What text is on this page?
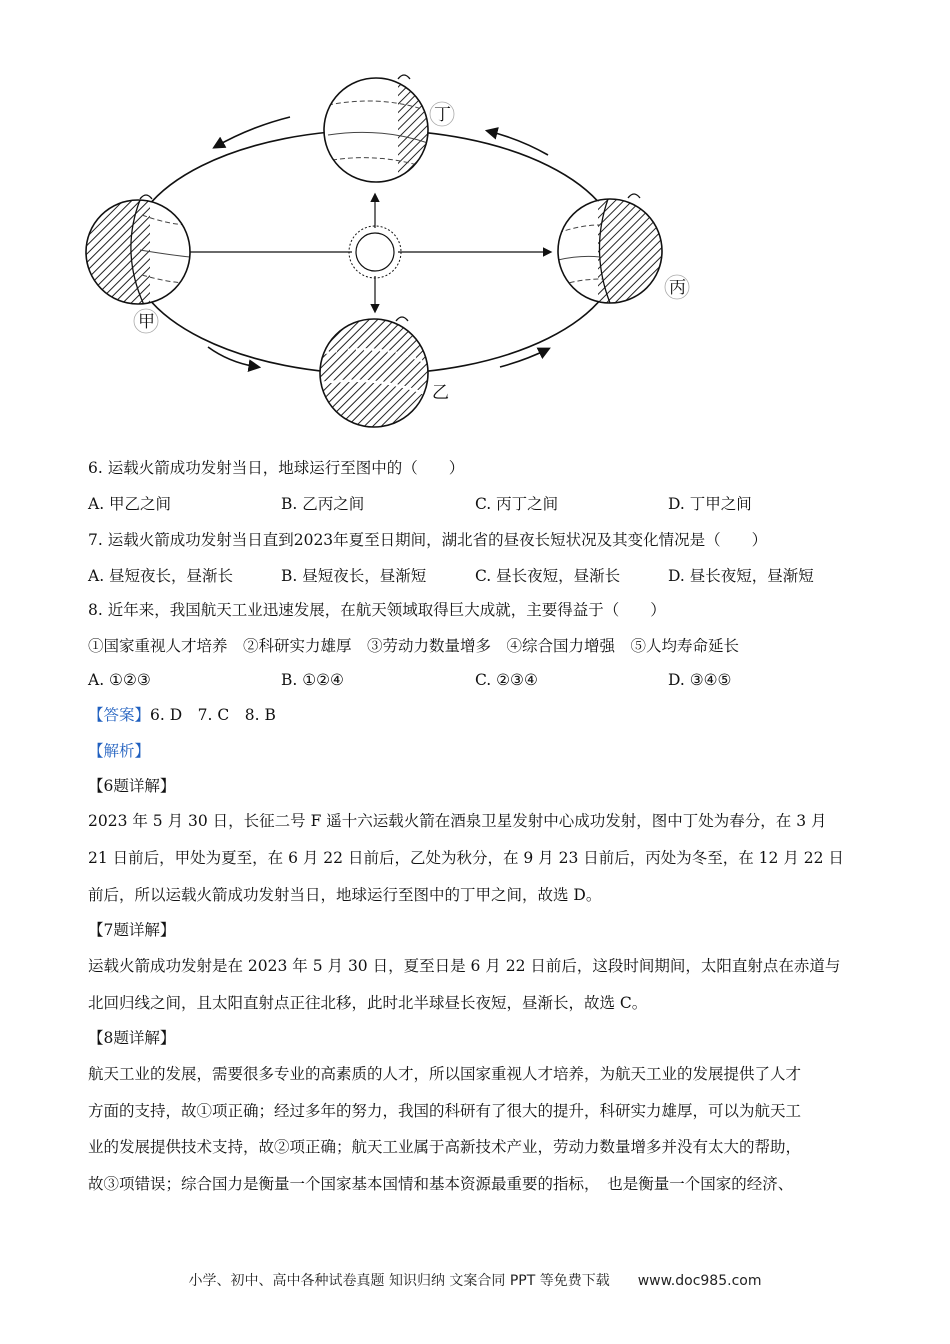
丁
甲
丙
乙
6. 运载火箭成功发射当日，地球运行至图中的（　　）
A. 甲乙之间	B. 乙丙之间	C. 丙丁之间	D. 丁甲之间
7. 运载火箭成功发射当日直到2023年夏至日期间，湖北省的昼夜长短状况及其变化情况是（　　）
A. 昼短夜长，昼渐长	B. 昼短夜长，昼渐短	C. 昼长夜短，昼渐长	D. 昼长夜短，昼渐短
8. 近年来，我国航天工业迅速发展，在航天领域取得巨大成就，主要得益于（　　）
①国家重视人才培养　②科研实力雄厚　③劳动力数量增多　④综合国力增强　⑤人均寿命延长
A. ①②③	B. ①②④	C. ②③④	D. ③④⑤
【答案】6. D　7. C　8. B
【解析】
【6题详解】
2023 年 5 月 30 日，长征二号 F 遥十六运载火箭在酒泉卫星发射中心成功发射，图中丁处为春分，在 3 月
21 日前后，甲处为夏至，在 6 月 22 日前后，乙处为秋分，在 9 月 23 日前后，丙处为冬至，在 12 月 22 日
前后，所以运载火箭成功发射当日，地球运行至图中的丁甲之间，故选 D。
【7题详解】
运载火箭成功发射是在 2023 年 5 月 30 日，夏至日是 6 月 22 日前后，这段时间期间，太阳直射点在赤道与
北回归线之间，且太阳直射点正往北移，此时北半球昼长夜短，昼渐长，故选 C。
【8题详解】
航天工业的发展，需要很多专业的高素质的人才，所以国家重视人才培养，为航天工业的发展提供了人才
方面的支持，故①项正确；经过多年的努力，我国的科研有了很大的提升，科研实力雄厚，可以为航天工
业的发展提供技术支持，故②项正确；航天工业属于高新技术产业，劳动力数量增多并没有太大的帮助，
故③项错误；综合国力是衡量一个国家基本国情和基本资源最重要的指标，　也是衡量一个国家的经济、
小学、初中、高中各种试卷真题 知识归纳 文案合同 PPT 等免费下载　　www.doc985.com
